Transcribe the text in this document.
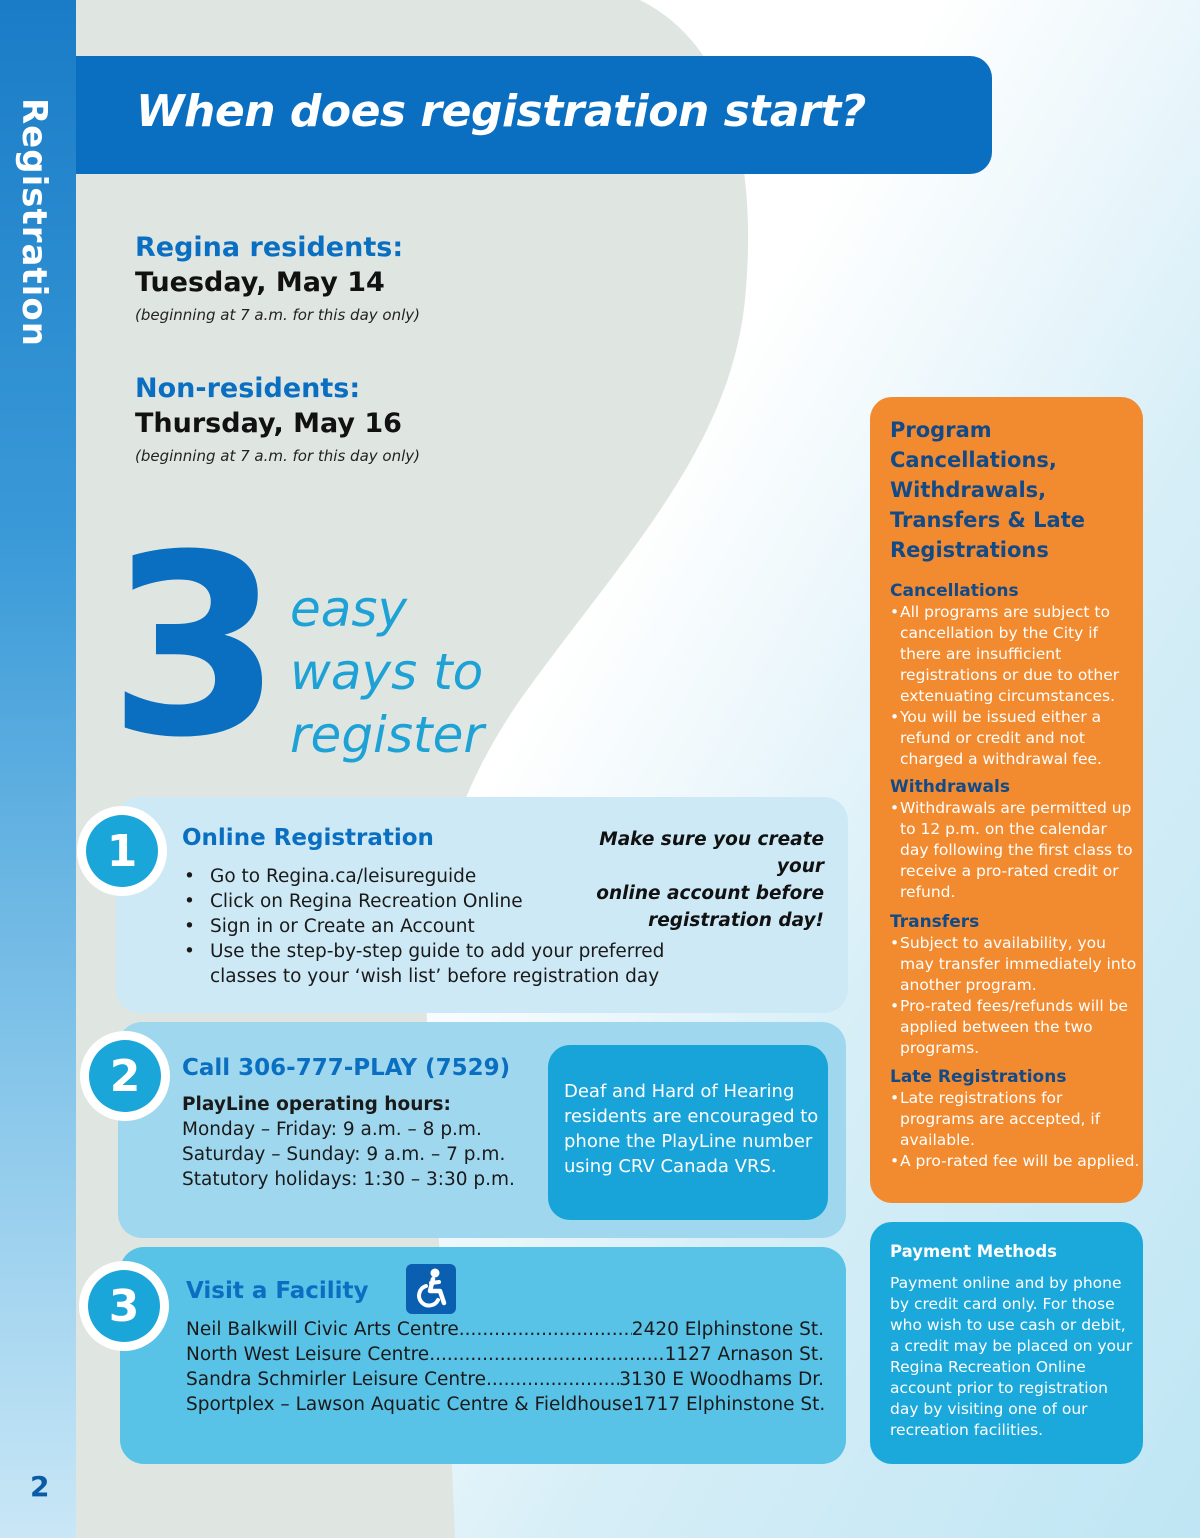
Registration
2
When does registration start?
Regina residents:
Tuesday, May 14
(beginning at 7 a.m. for this day only)
Non-residents:
Thursday, May 16
(beginning at 7 a.m. for this day only)
3 easy
ways to
register
1	Online Registration
• Go to Regina.ca/leisureguide
• Click on Regina Recreation Online
• Sign in or Create an Account
• Use the step-by-step guide to add your preferred classes to your ‘wish list’ before registration day
Make sure you create your
online account before
registration day!
2	Call 306-777-PLAY (7529)
PlayLine operating hours:
Monday – Friday: 9 a.m. – 8 p.m.
Saturday – Sunday: 9 a.m. – 7 p.m.
Statutory holidays: 1:30 – 3:30 p.m.
Deaf and Hard of Hearing residents are encouraged to phone the PlayLine number using CRV Canada VRS.
3	Visit a Facility
Neil Balkwill Civic Arts Centre .....	2420 Elphinstone St.
North West Leisure Centre .....	1127 Arnason St.
Sandra Schmirler Leisure Centre .....	3130 E Woodhams Dr.
Sportplex – Lawson Aquatic Centre & Fieldhouse 1717 Elphinstone St.
Program
Cancellations,
Withdrawals,
Transfers & Late
Registrations
Cancellations
• All programs are subject to cancellation by the City if there are insufficient registrations or due to other extenuating circumstances.
• You will be issued either a refund or credit and not charged a withdrawal fee.
Withdrawals
• Withdrawals are permitted up to 12 p.m. on the calendar day following the first class to receive a pro-rated credit or refund.
Transfers
• Subject to availability, you may transfer immediately into another program.
• Pro-rated fees/refunds will be applied between the two programs.
Late Registrations
• Late registrations for programs are accepted, if available.
• A pro-rated fee will be applied.
Payment Methods
Payment online and by phone by credit card only. For those who wish to use cash or debit, a credit may be placed on your Regina Recreation Online account prior to registration day by visiting one of our recreation facilities.
